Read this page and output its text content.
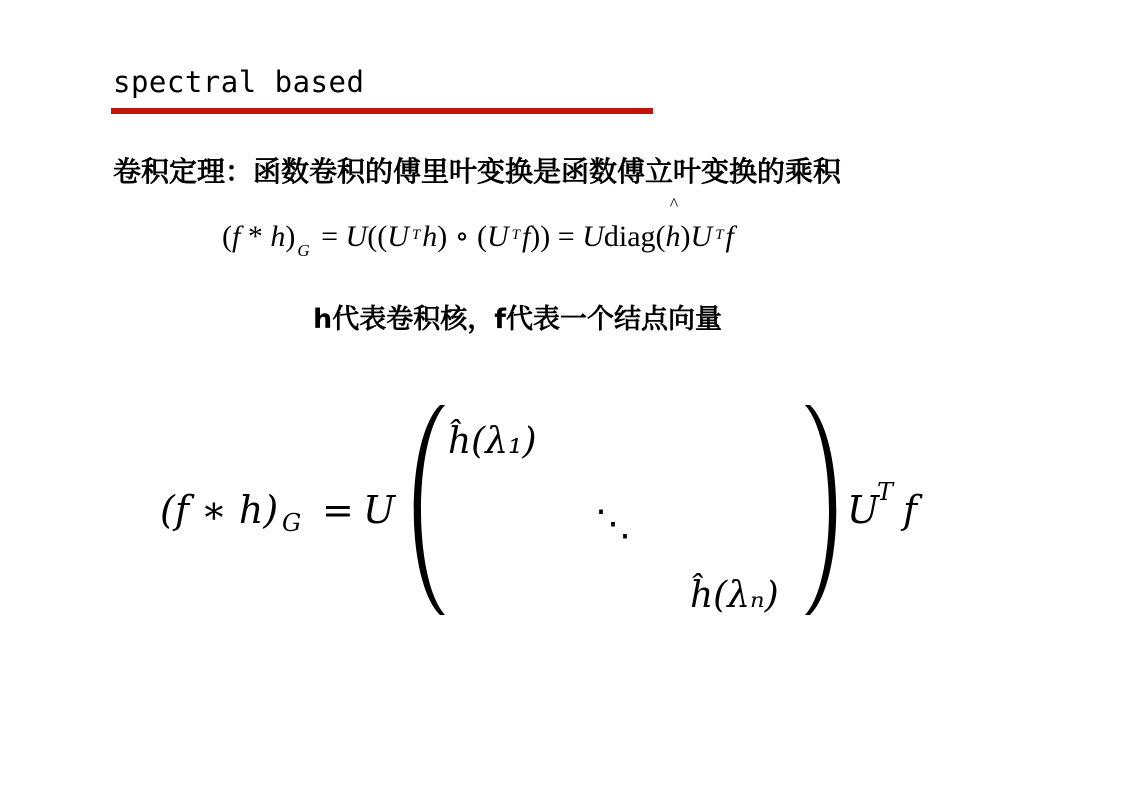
spectral based
卷积定理：函数卷积的傅里叶变换是函数傅立叶变换的乘积
(f * h) $_G$ = U((U $^T$h) ∘ (U $^T$f)) = Udiag(
^
h)U $^T$f
h代表卷积核，f代表一个结点向量
(f ∗ h) G = U
ĥ(λ₁)
⋱
ĥ(λₙ)
U
T f
